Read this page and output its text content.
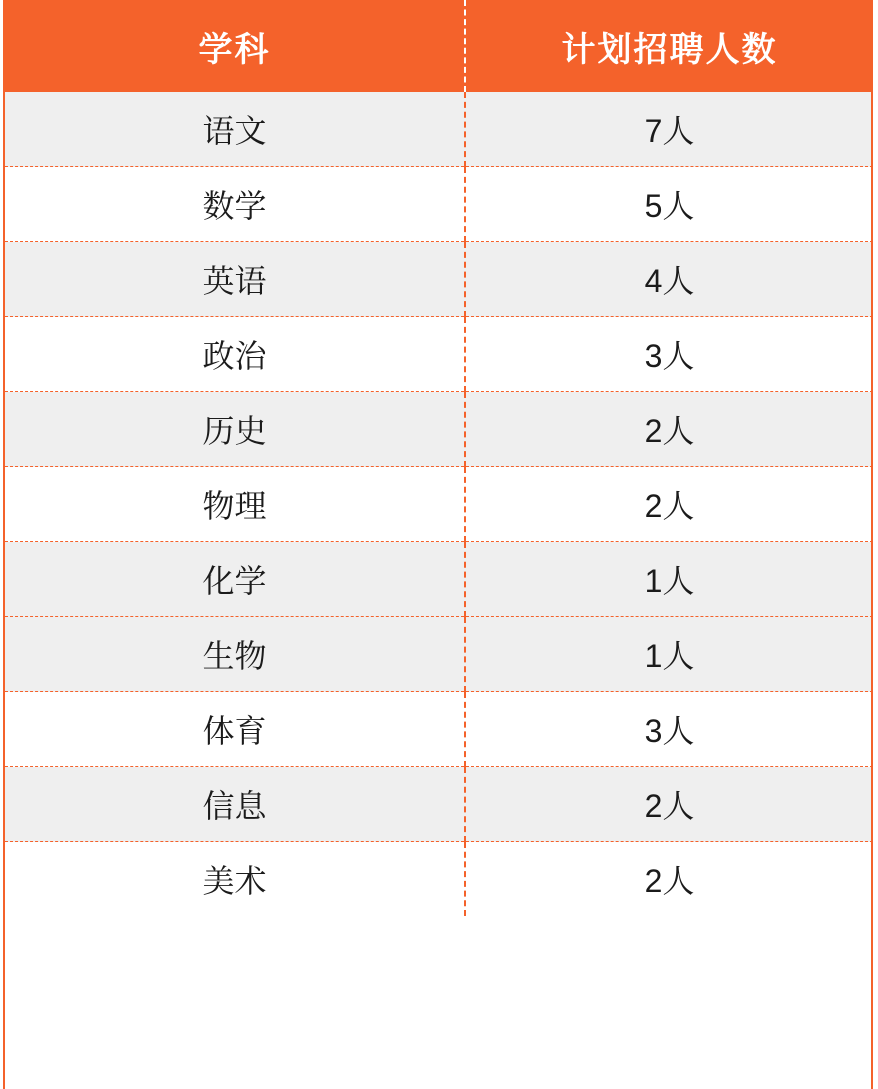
学科	计划招聘人数
语文	7人
数学	5人
英语	4人
政治	3人
历史	2人
物理	2人
化学	1人
生物	1人
体育	3人
信息	2人
美术	2人
